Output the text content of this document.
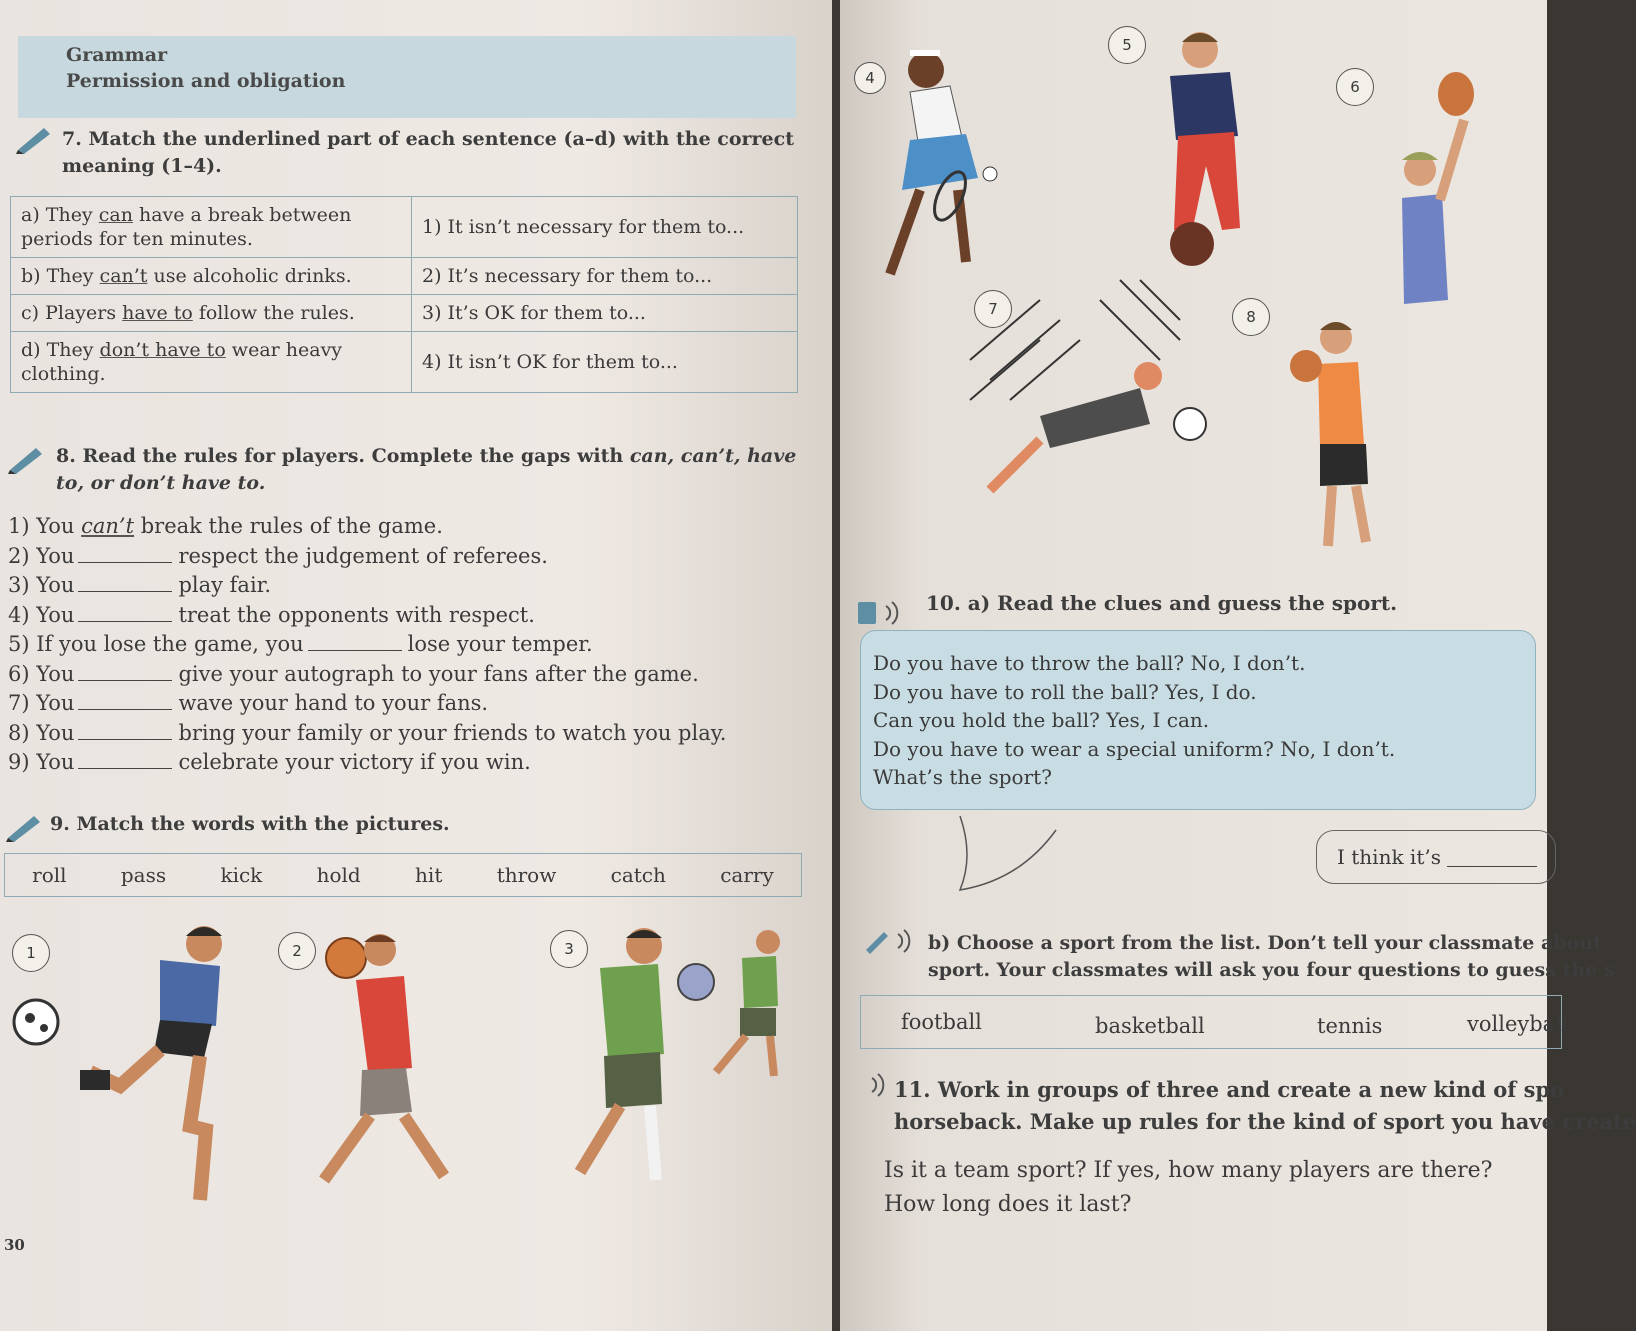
Grammar
Permission and obligation
7. Match the underlined part of each sentence (a–d) with the correct meaning (1–4).
a) They can have a break between periods for ten minutes.	1) It isn’t necessary for them to...
b) They can’t use alcoholic drinks.	2) It’s necessary for them to...
c) Players have to follow the rules.	3) It’s OK for them to...
d) They don’t have to wear heavy clothing.	4) It isn’t OK for them to...
8. Read the rules for players. Complete the gaps with can, can’t, have
to, or don’t have to.
1) You can’t break the rules of the game.
2) You	respect the judgement of referees.
3) You	play fair.
4) You	treat the opponents with respect.
5) If you lose the game, you	lose your temper.
6) You	give your autograph to your fans after the game.
7) You	wave your hand to your fans.
8) You	bring your family or your friends to watch you play.
9) You	celebrate your victory if you win.
9. Match the words with the pictures.
roll	pass	kick	hold	hit	throw	catch	carry
1	2	3
30
4
5
6
7	8
10. a) Read the clues and guess the sport.
Do you have to throw the ball? No, I don’t.
Do you have to roll the ball? Yes, I do.
Can you hold the ball? Yes, I can.
Do you have to wear a special uniform? No, I don’t.
What’s the sport?
I think it’s
b) Choose a sport from the list. Don’t tell your classmate about
sport. Your classmates will ask you four questions to guess the s
football	basketball	tennis	volleyball
11. Work in groups of three and create a new kind of spo
horseback. Make up rules for the kind of sport you have create
Is it a team sport? If yes, how many players are there?
How long does it last?
